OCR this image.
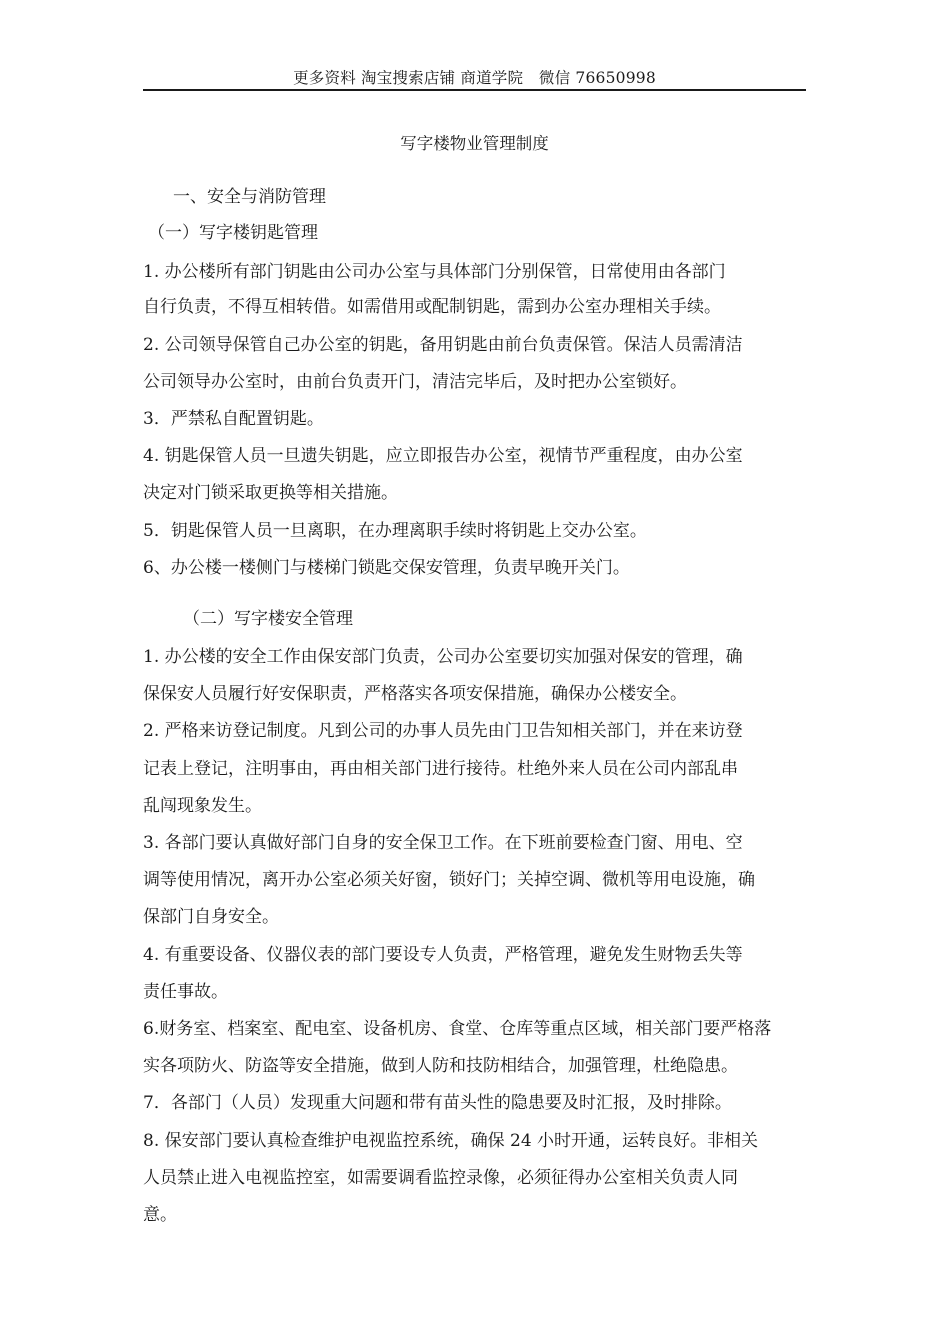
更多资料 淘宝搜索店铺 商道学院　微信 76650998
写字楼物业管理制度
一、安全与消防管理
（一）写字楼钥匙管理
1. 办公楼所有部门钥匙由公司办公室与具体部门分别保管，日常使用由各部门
自行负责，不得互相转借。如需借用或配制钥匙，需到办公室办理相关手续。
2. 公司领导保管自己办公室的钥匙，备用钥匙由前台负责保管。保洁人员需清洁
公司领导办公室时，由前台负责开门，清洁完毕后，及时把办公室锁好。
3．严禁私自配置钥匙。
4. 钥匙保管人员一旦遗失钥匙，应立即报告办公室，视情节严重程度，由办公室
决定对门锁采取更换等相关措施。
5．钥匙保管人员一旦离职，在办理离职手续时将钥匙上交办公室。
6、办公楼一楼侧门与楼梯门锁匙交保安管理，负责早晚开关门。
（二）写字楼安全管理
1. 办公楼的安全工作由保安部门负责，公司办公室要切实加强对保安的管理，确
保保安人员履行好安保职责，严格落实各项安保措施，确保办公楼安全。
2. 严格来访登记制度。凡到公司的办事人员先由门卫告知相关部门，并在来访登
记表上登记，注明事由，再由相关部门进行接待。杜绝外来人员在公司内部乱串
乱闯现象发生。
3. 各部门要认真做好部门自身的安全保卫工作。在下班前要检查门窗、用电、空
调等使用情况，离开办公室必须关好窗，锁好门；关掉空调、微机等用电设施，确
保部门自身安全。
4. 有重要设备、仪器仪表的部门要设专人负责，严格管理，避免发生财物丢失等
责任事故。
6.财务室、档案室、配电室、设备机房、食堂、仓库等重点区域，相关部门要严格落
实各项防火、防盗等安全措施，做到人防和技防相结合，加强管理，杜绝隐患。
7．各部门（人员）发现重大问题和带有苗头性的隐患要及时汇报，及时排除。
8. 保安部门要认真检查维护电视监控系统，确保 24 小时开通，运转良好。非相关
人员禁止进入电视监控室，如需要调看监控录像，必须征得办公室相关负责人同
意。
